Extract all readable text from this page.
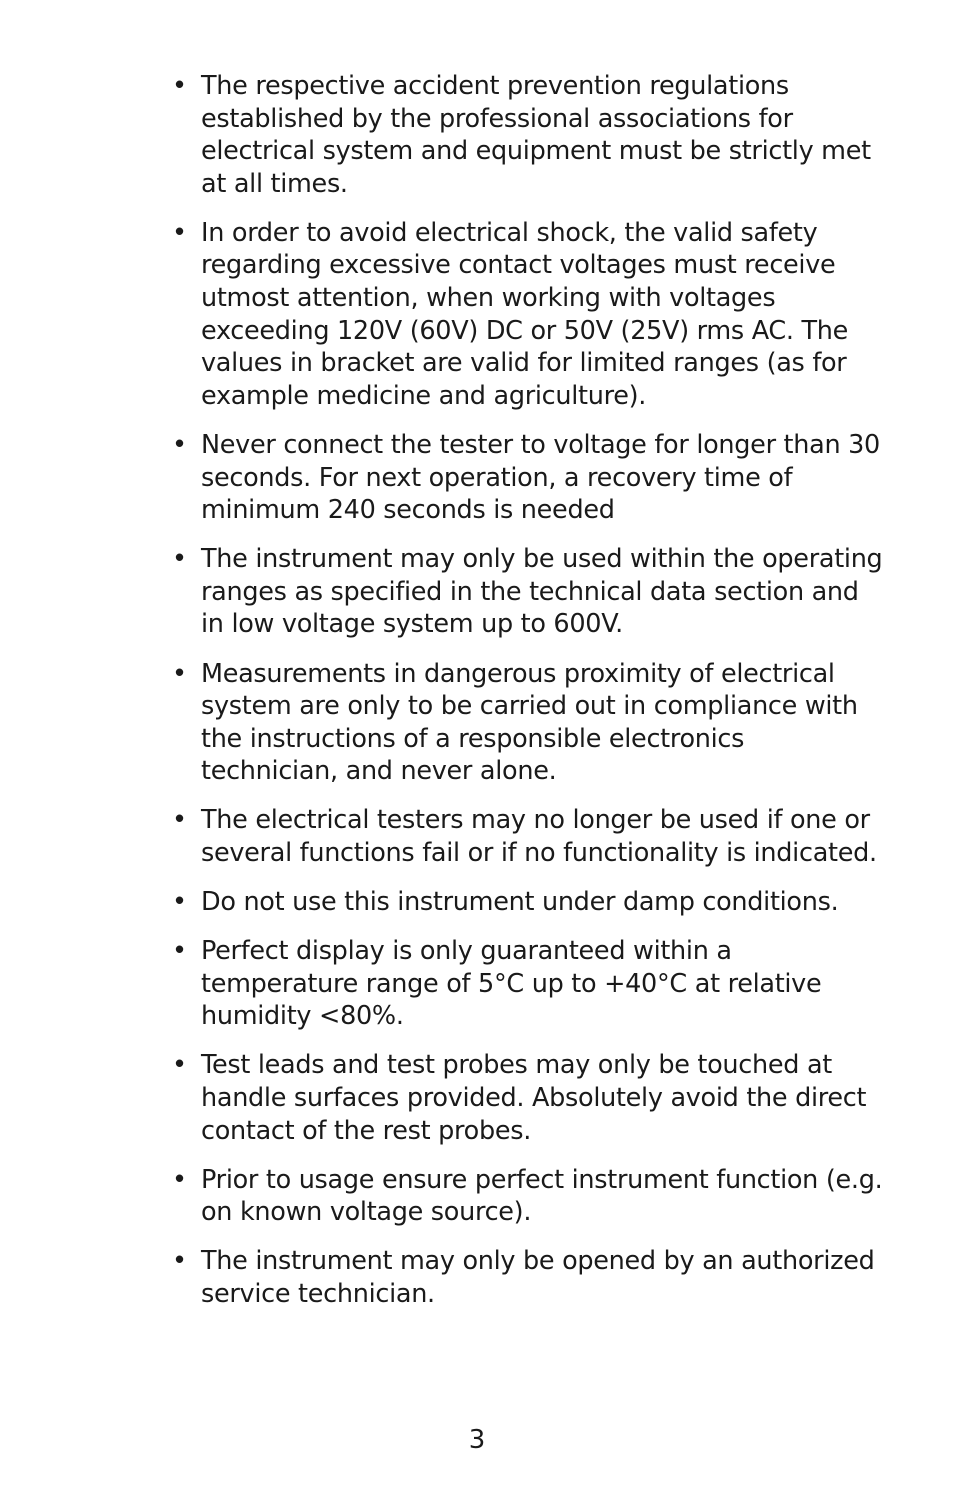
• The respective accident prevention regulations established by the professional associations for electrical system and equipment must be strictly met at all times.
• In order to avoid electrical shock, the valid safety regarding excessive contact voltages must receive utmost attention, when working with voltages exceeding 120V (60V) DC or 50V (25V) rms AC. The values in bracket are valid for limited ranges (as for example medicine and agriculture).
• Never connect the tester to voltage for longer than 30 seconds. For next operation, a recovery time of minimum 240 seconds is needed
• The instrument may only be used within the operating ranges as specified in the technical data section and in low voltage system up to 600V.
• Measurements in dangerous proximity of electrical system are only to be carried out in compliance with the instructions of a responsible electronics technician, and never alone.
• The electrical testers may no longer be used if one or several functions fail or if no functionality is indicated.
• Do not use this instrument under damp conditions.
• Perfect display is only guaranteed within a temperature range of 5°C up to +40°C at relative humidity <80%.
• Test leads and test probes may only be touched at handle surfaces provided. Absolutely avoid the direct contact of the rest probes.
• Prior to usage ensure perfect instrument function (e.g. on known voltage source).
• The instrument may only be opened by an authorized service technician.
3
